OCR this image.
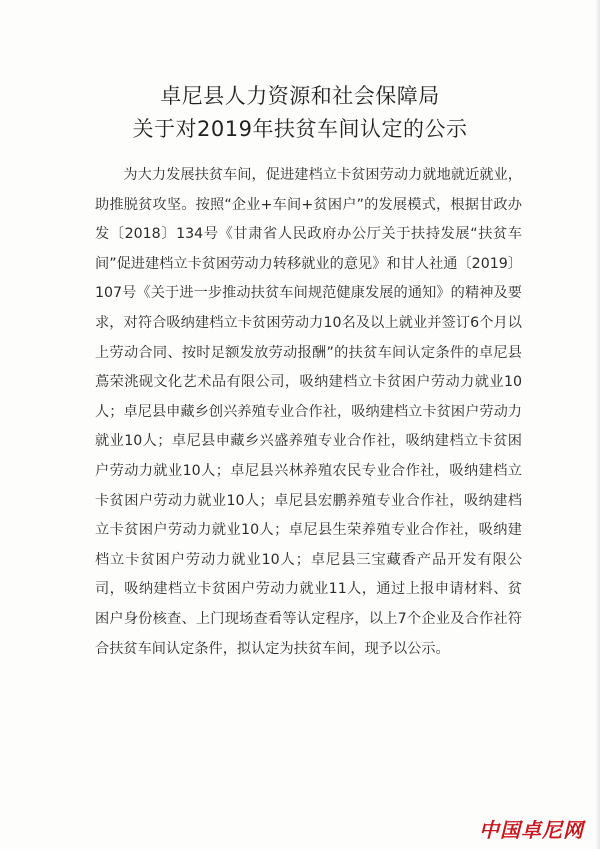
卓尼县人力资源和社会保障局
关于对2019年扶贫车间认定的公示

为大力发展扶贫车间，促进建档立卡贫困劳动力就地就近就业，助推脱贫攻坚。按照“企业+车间+贫困户”的发展模式，根据甘政办发〔2018〕134号《甘肃省人民政府办公厅关于扶持发展“扶贫车间”促进建档立卡贫困劳动力转移就业的意见》和甘人社通〔2019〕107号《关于进一步推动扶贫车间规范健康发展的通知》的精神及要求，对符合吸纳建档立卡贫困劳动力10名及以上就业并签订6个月以上劳动合同、按时足额发放劳动报酬”的扶贫车间认定条件的卓尼县蔦荣洮砚文化艺术品有限公司，吸纳建档立卡贫困户劳动力就业10人；卓尼县申藏乡创兴养殖专业合作社，吸纳建档立卡贫困户劳动力就业10人；卓尼县申藏乡兴盛养殖专业合作社，吸纳建档立卡贫困户劳动力就业10人；卓尼县兴林养殖农民专业合作社，吸纳建档立卡贫困户劳动力就业10人；卓尼县宏鹏养殖专业合作社，吸纳建档立卡贫困户劳动力就业10人；卓尼县生荣养殖专业合作社，吸纳建档立卡贫困户劳动力就业10人；卓尼县三宝藏香产品开发有限公司，吸纳建档立卡贫困户劳动力就业11人，通过上报申请材料、贫困户身份核查、上门现场查看等认定程序，以上7个企业及合作社符合扶贫车间认定条件，拟认定为扶贫车间，现予以公示。

中国卓尼网
